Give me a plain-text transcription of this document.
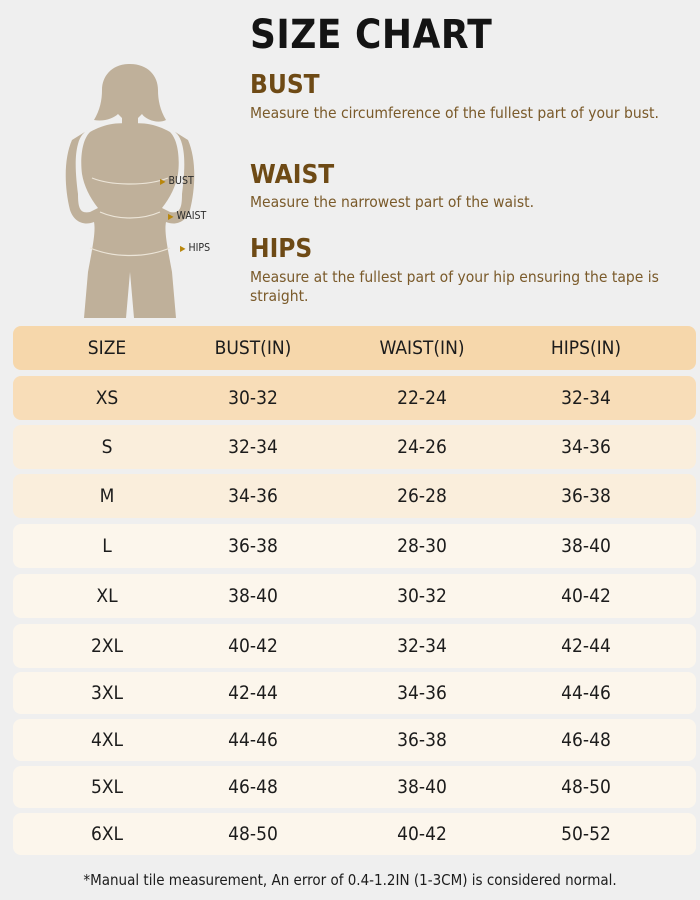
SIZE CHART
▶ BUST
▶ WAIST
▶ HIPS
BUST
Measure the circumference of the fullest part of your bust.
WAIST
Measure the narrowest part of the waist.
HIPS
Measure at the fullest part of your hip ensuring the tape is straight.
SIZE	BUST(IN)	WAIST(IN)	HIPS(IN)
XS	30-32	22-24	32-34
S	32-34	24-26	34-36
M	34-36	26-28	36-38
L	36-38	28-30	38-40
XL	38-40	30-32	40-42
2XL	40-42	32-34	42-44
3XL	42-44	34-36	44-46
4XL	44-46	36-38	46-48
5XL	46-48	38-40	48-50
6XL	48-50	40-42	50-52
*Manual tile measurement, An error of 0.4-1.2IN (1-3CM) is considered normal.
